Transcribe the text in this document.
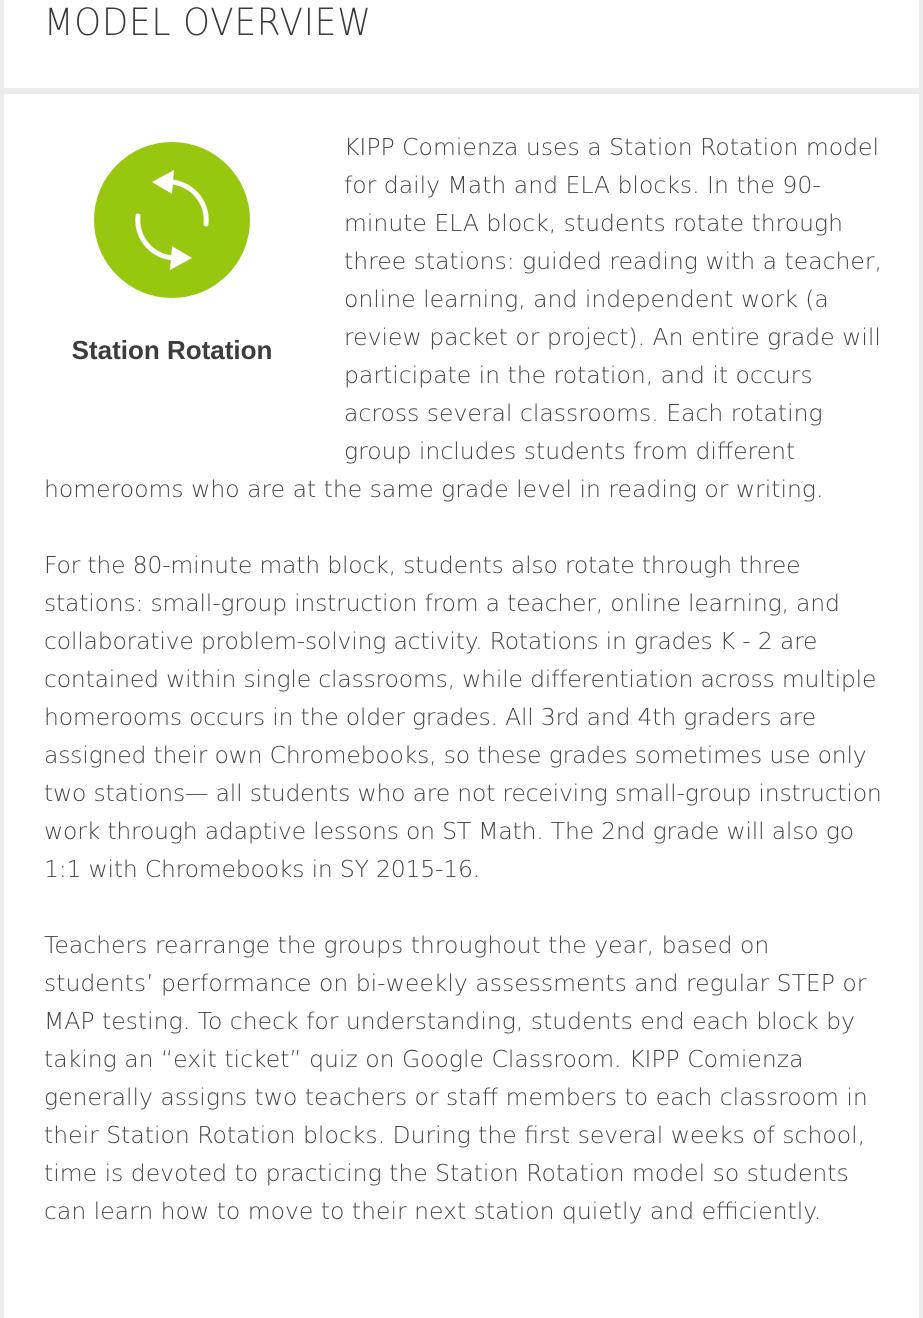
MODEL OVERVIEW
Station Rotation

KIPP Comienza uses a Station Rotation model for daily Math and ELA blocks. In the 90-minute ELA block, students rotate through three stations: guided reading with a teacher, online learning, and independent work (a review packet or project). An entire grade will participate in the rotation, and it occurs across several classrooms. Each rotating group includes students from different homerooms who are at the same grade level in reading or writing.

For the 80-minute math block, students also rotate through three stations: small-group instruction from a teacher, online learning, and collaborative problem-solving activity. Rotations in grades K - 2 are contained within single classrooms, while differentiation across multiple homerooms occurs in the older grades. All 3rd and 4th graders are assigned their own Chromebooks, so these grades sometimes use only two stations— all students who are not receiving small-group instruction work through adaptive lessons on ST Math. The 2nd grade will also go 1:1 with Chromebooks in SY 2015-16.

Teachers rearrange the groups throughout the year, based on students’ performance on bi-weekly assessments and regular STEP or MAP testing. To check for understanding, students end each block by taking an “exit ticket” quiz on Google Classroom. KIPP Comienza generally assigns two teachers or staff members to each classroom in their Station Rotation blocks. During the first several weeks of school, time is devoted to practicing the Station Rotation model so students can learn how to move to their next station quietly and efficiently.
